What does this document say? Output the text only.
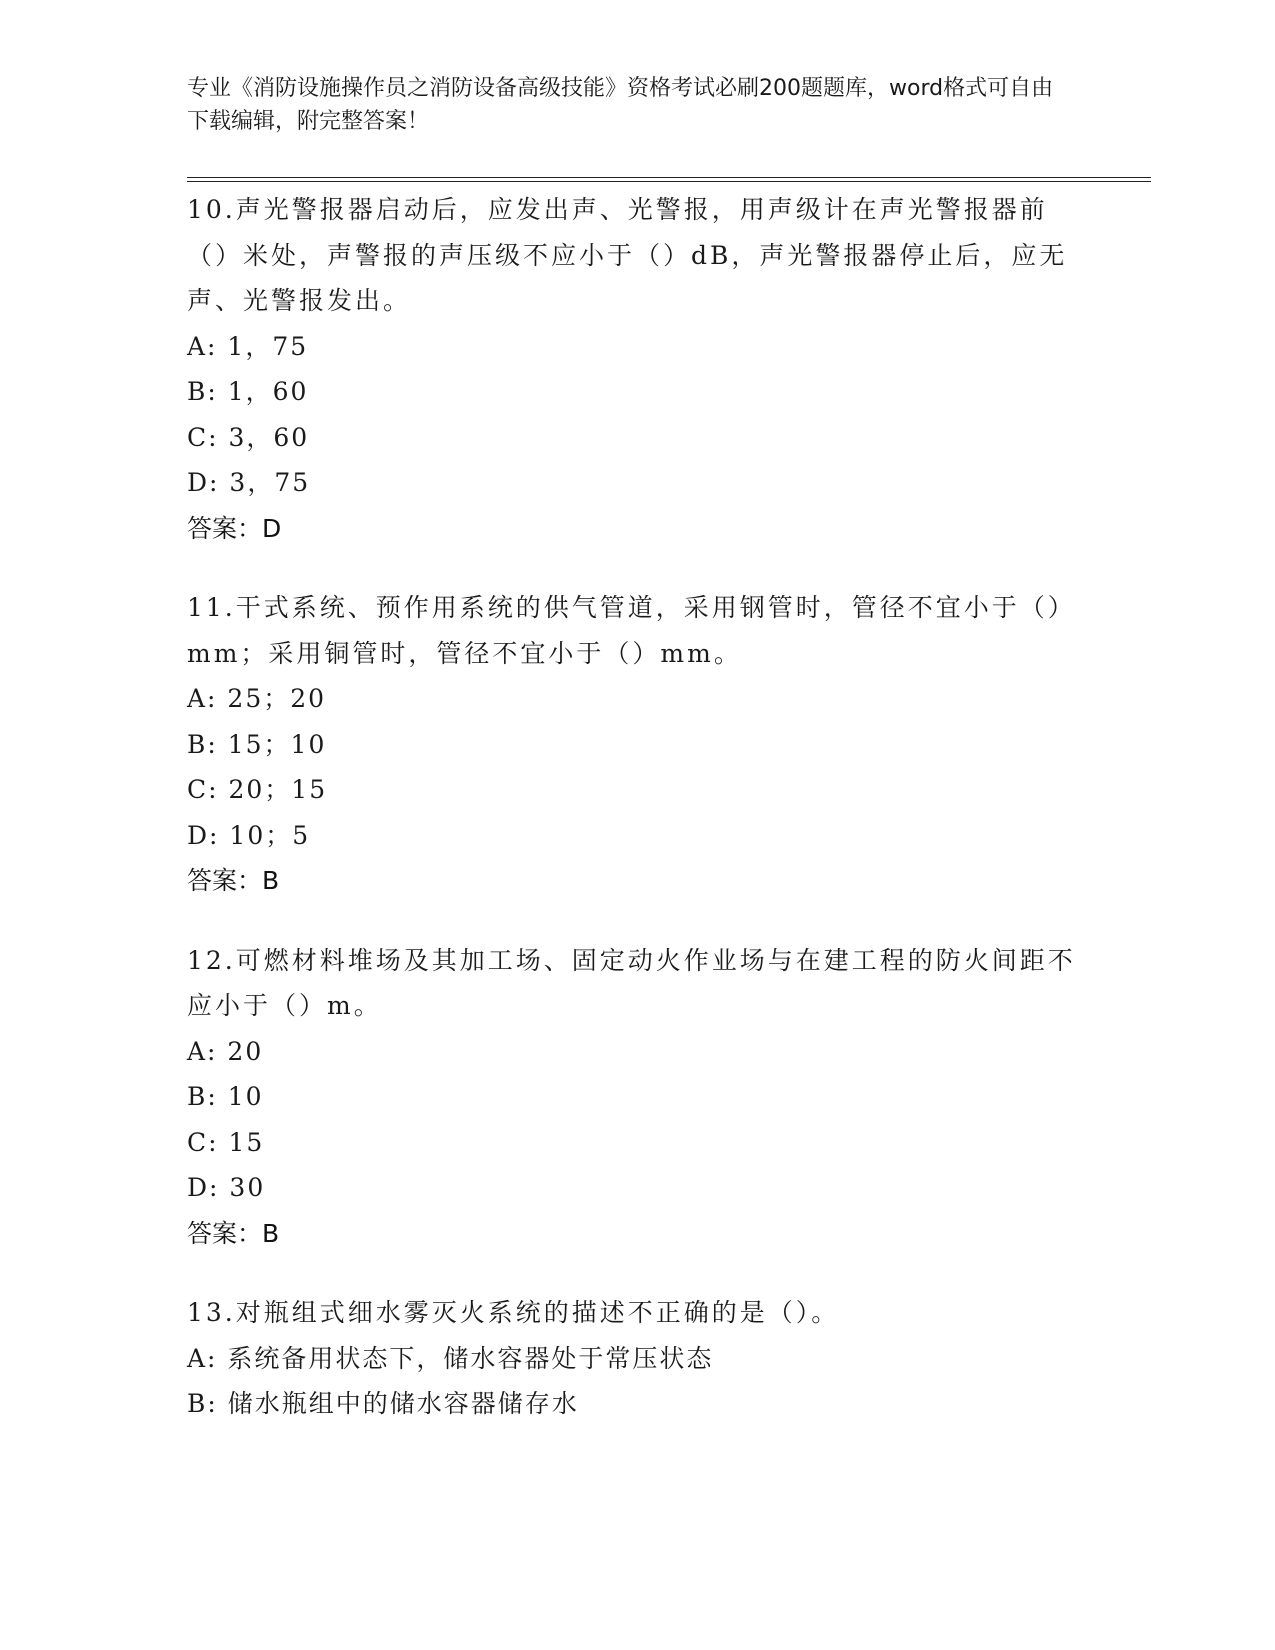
专业《消防设施操作员之消防设备高级技能》资格考试必刷200题题库，word格式可自由下载编辑，附完整答案！

10.声光警报器启动后，应发出声、光警报，用声级计在声光警报器前（）米处，声警报的声压级不应小于（）dB，声光警报器停止后，应无声、光警报发出。

A: 1，75

B: 1，60

C: 3，60

D: 3，75

答案：D

11.干式系统、预作用系统的供气管道，采用钢管时，管径不宜小于（）mm；采用铜管时，管径不宜小于（）mm。

A: 25；20

B: 15；10

C: 20；15

D: 10；5

答案：B

12.可燃材料堆场及其加工场、固定动火作业场与在建工程的防火间距不应小于（）m。

A: 20

B: 10

C: 15

D: 30

答案：B

13.对瓶组式细水雾灭火系统的描述不正确的是（）。

A: 系统备用状态下，储水容器处于常压状态

B: 储水瓶组中的储水容器储存水
